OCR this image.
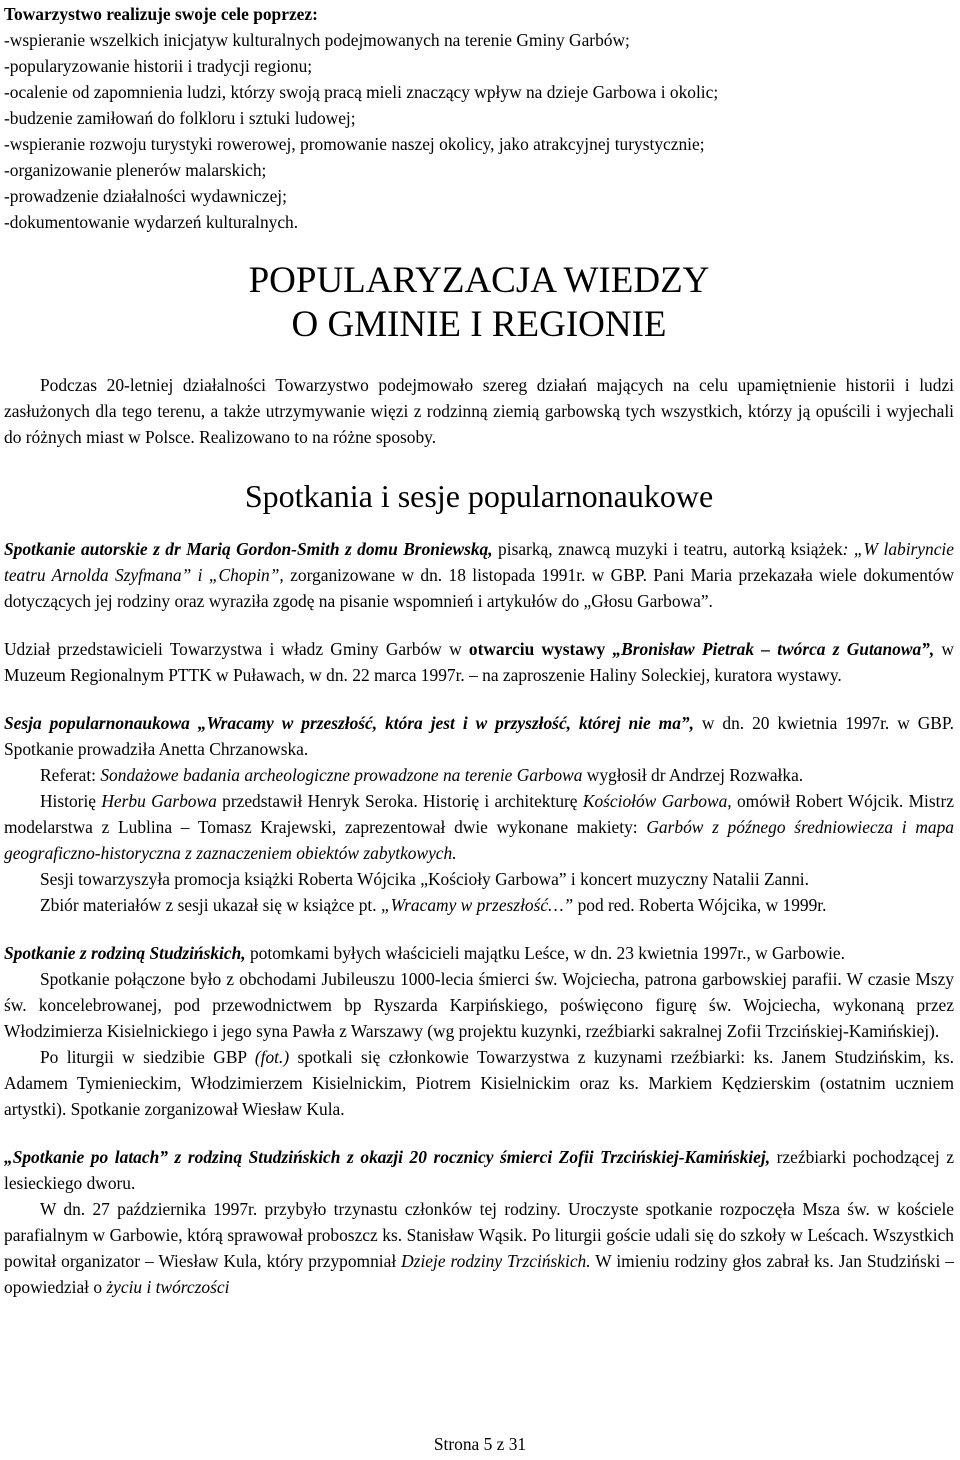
Towarzystwo realizuje swoje cele poprzez:
-wspieranie wszelkich inicjatyw kulturalnych podejmowanych na terenie Gminy Garbów;
-popularyzowanie historii i tradycji regionu;
-ocalenie od zapomnienia ludzi, którzy swoją pracą mieli znaczący wpływ na dzieje Garbowa i okolic;
-budzenie zamiłowań do folkloru i sztuki ludowej;
-wspieranie rozwoju turystyki rowerowej, promowanie naszej okolicy, jako atrakcyjnej turystycznie;
-organizowanie plenerów malarskich;
-prowadzenie działalności wydawniczej;
-dokumentowanie wydarzeń kulturalnych.
POPULARYZACJA WIEDZY
O GMINIE I REGIONIE

Podczas 20-letniej działalności Towarzystwo podejmowało szereg działań mających na celu upamiętnienie historii i ludzi zasłużonych dla tego terenu, a także utrzymywanie więzi z rodzinną ziemią garbowską tych wszystkich, którzy ją opuścili i wyjechali do różnych miast w Polsce. Realizowano to na różne sposoby.

Spotkania i sesje popularnonaukowe

Spotkanie autorskie z dr Marią Gordon-Smith z domu Broniewską, pisarką, znawcą muzyki i teatru, autorką książek: „W labiryncie teatru Arnolda Szyfmana” i „Chopin”, zorganizowane w dn. 18 listopada 1991r. w GBP. Pani Maria przekazała wiele dokumentów dotyczących jej rodziny oraz wyraziła zgodę na pisanie wspomnień i artykułów do „Głosu Garbowa”.

Udział przedstawicieli Towarzystwa i władz Gminy Garbów w otwarciu wystawy „Bronisław Pietrak – twórca z Gutanowa”, w Muzeum Regionalnym PTTK w Puławach, w dn. 22 marca 1997r. – na zaproszenie Haliny Soleckiej, kuratora wystawy.

Sesja popularnonaukowa „Wracamy w przeszłość, która jest i w przyszłość, której nie ma”, w dn. 20 kwietnia 1997r. w GBP. Spotkanie prowadziła Anetta Chrzanowska.

Referat: Sondażowe badania archeologiczne prowadzone na terenie Garbowa wygłosił dr Andrzej Rozwałka.

Historię Herbu Garbowa przedstawił Henryk Seroka. Historię i architekturę Kościołów Garbowa, omówił Robert Wójcik. Mistrz modelarstwa z Lublina – Tomasz Krajewski, zaprezentował dwie wykonane makiety: Garbów z późnego średniowiecza i mapa geograficzno-historyczna z zaznaczeniem obiektów zabytkowych.

Sesji towarzyszyła promocja książki Roberta Wójcika „Kościoły Garbowa” i koncert muzyczny Natalii Zanni.

Zbiór materiałów z sesji ukazał się w książce pt. „Wracamy w przeszłość…” pod red. Roberta Wójcika, w 1999r.

Spotkanie z rodziną Studzińskich, potomkami byłych właścicieli majątku Leśce, w dn. 23 kwietnia 1997r., w Garbowie.

Spotkanie połączone było z obchodami Jubileuszu 1000-lecia śmierci św. Wojciecha, patrona garbowskiej parafii. W czasie Mszy św. koncelebrowanej, pod przewodnictwem bp Ryszarda Karpińskiego, poświęcono figurę św. Wojciecha, wykonaną przez Włodzimierza Kisielnickiego i jego syna Pawła z Warszawy (wg projektu kuzynki, rzeźbiarki sakralnej Zofii Trzcińskiej-Kamińskiej).

Po liturgii w siedzibie GBP (fot.) spotkali się członkowie Towarzystwa z kuzynami rzeźbiarki: ks. Janem Studzińskim, ks. Adamem Tymienieckim, Włodzimierzem Kisielnickim, Piotrem Kisielnickim oraz ks. Markiem Kędzierskim (ostatnim uczniem artystki). Spotkanie zorganizował Wiesław Kula.

„Spotkanie po latach” z rodziną Studzińskich z okazji 20 rocznicy śmierci Zofii Trzcińskiej-Kamińskiej, rzeźbiarki pochodzącej z lesieckiego dworu.

W dn. 27 października 1997r. przybyło trzynastu członków tej rodziny. Uroczyste spotkanie rozpoczęła Msza św. w kościele parafialnym w Garbowie, którą sprawował proboszcz ks. Stanisław Wąsik. Po liturgii goście udali się do szkoły w Leścach. Wszystkich powitał organizator – Wiesław Kula, który przypomniał Dzieje rodziny Trzcińskich. W imieniu rodziny głos zabrał ks. Jan Studziński – opowiedział o życiu i twórczości

Strona 5 z 31
